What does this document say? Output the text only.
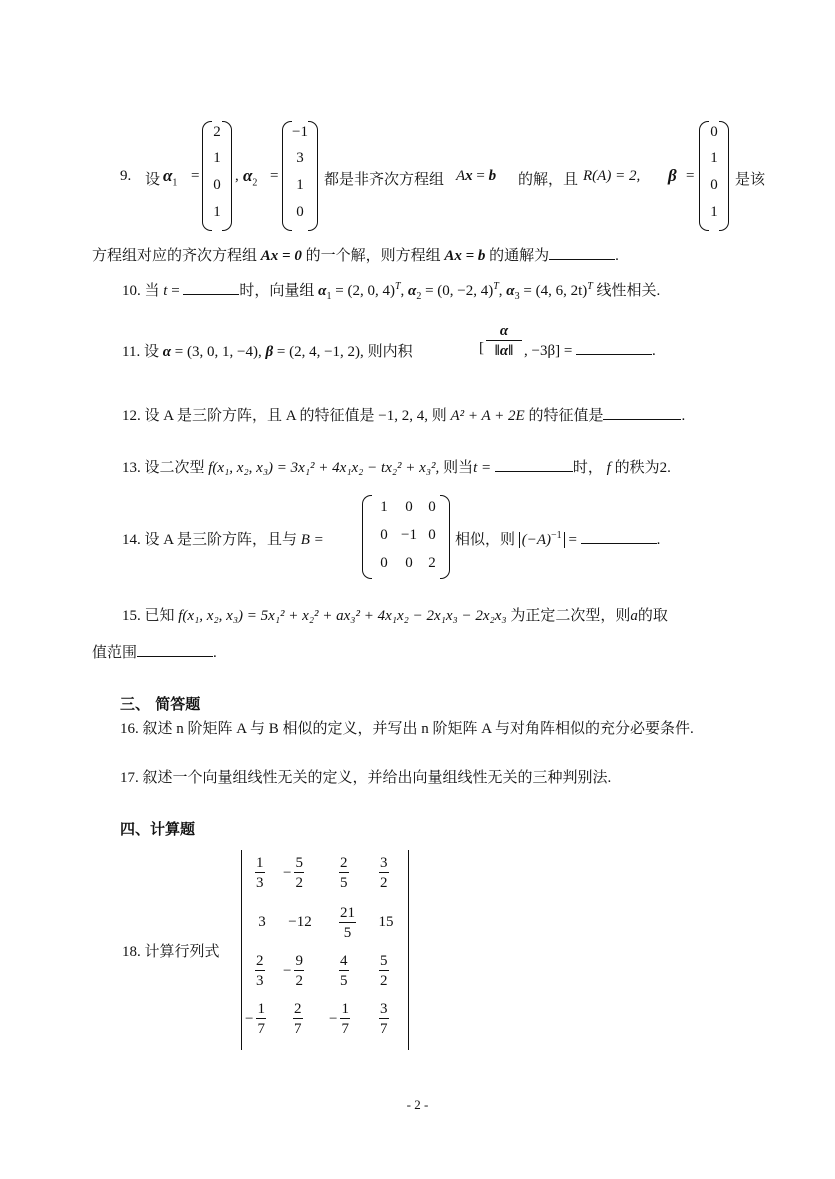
9. 设 $\alpha_1$ =
2
1
0
1
, $\alpha_2$ =
−1
3
1
0
都是非齐次方程组 Ax = b 的解，且 R(A) = 2, β =
0
1
0
1
是该
方程组对应的齐次方程组 Ax = 0 的一个解，则方程组 Ax = b 的通解为	.
10. 当 t =	时，向量组 $\alpha_1 = (2$, 0, 4)$^T$, $\alpha_2 = (0$, −2, 4)$^T$, $\alpha_3 = (4$, 6, 2t)$^T$ 线性相关.
11. 设 α = (3, 0, 1, −4), β = (2, 4, −1, 2), 则内积	[ $\frac{\alpha}{‖\alpha‖}$ , −3β] =	.
12. 设 A 是三阶方阵，且 A 的特征值是 −1, 2, 4, 则 A² + A + 2E 的特征值是	.
13. 设二次型 f(x₁, x₂, x₃) = 3x₁² + 4x₁x₂ − tx₂² + x₃², 则当t =	时， f 的秩为2.
14. 设 A 是三阶方阵，且与 B =
1	0	0
0 −1 0
0	0	2
相似，则 $(-A)^{-1}$ =	.
15. 已知 f(x₁, x₂, x₃) = 5x₁² + x₂² + ax₃² + 4x₁x₂ − 2x₁x₃ − 2x₂x₃ 为正定二次型，则a的取
值范围	.
三、 简答题
16. 叙述 n 阶矩阵 A 与 B 相似的定义，并写出 n 阶矩阵 A 与对角阵相似的充分必要条件.
17. 叙述一个向量组线性无关的定义，并给出向量组线性无关的三种判别法.
四、计算题
18. 计算行列式
$\frac{1}{3} - \frac{5}{2} \frac{2}{5} \frac{3}{2}$
3	−12	$\frac{21}{5}$	15
$\frac{2}{3} - \frac{9}{2} \frac{4}{5} \frac{5}{2}$
− $\frac{1}{7} \frac{2}{7} - \frac{1}{7} \frac{3}{7}$
- 2 -
